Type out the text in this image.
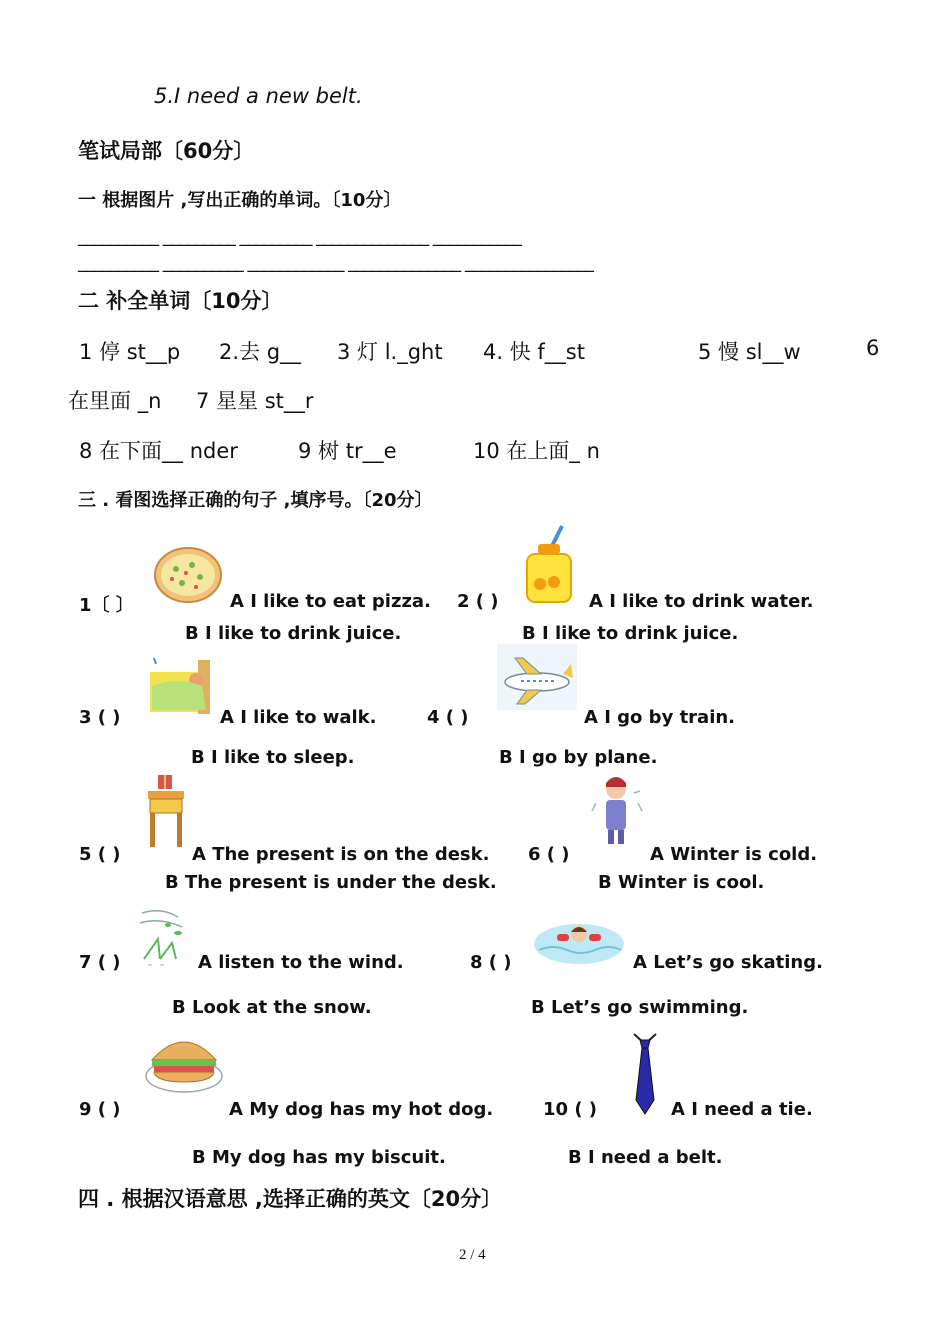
5.I need a new belt.
笔试局部〔60分〕
一 根据图片 ,写出正确的单词。〔10分〕
__________ _________ _________ ______________ ___________
__________ __________ ____________ ______________ ________________
二 补全单词〔10分〕
1 停 st__p 2.去 g__ 3 灯 l._ght 4. 快 f__st	5 慢 sl__w	6
在里面 _n 7 星星 st__r
8 在下面__ nder	9 树 tr__e	10 在上面_ n
三 . 看图选择正确的句子 ,填序号。〔20分〕
1〔 〕	A I like to eat pizza.
B I like to drink juice.
2 ( )	A I like to drink water.
B I like to drink juice.
3 ( )	A I like to walk.
B I like to sleep.
4 ( )	A I go by train.
B I go by plane.
5 ( )	A The present is on the desk.
B The present is under the desk.
6 ( )	A Winter is cold.
B Winter is cool.
7 ( )	A listen to the wind.
B Look at the snow.
8 ( )	A Let’s go skating.
B Let’s go swimming.
9 ( )	A My dog has my hot dog.
B My dog has my biscuit.
10 ( )	A I need a tie.
B I need a belt.
四 . 根据汉语意思 ,选择正确的英文〔20分〕
2 / 4
